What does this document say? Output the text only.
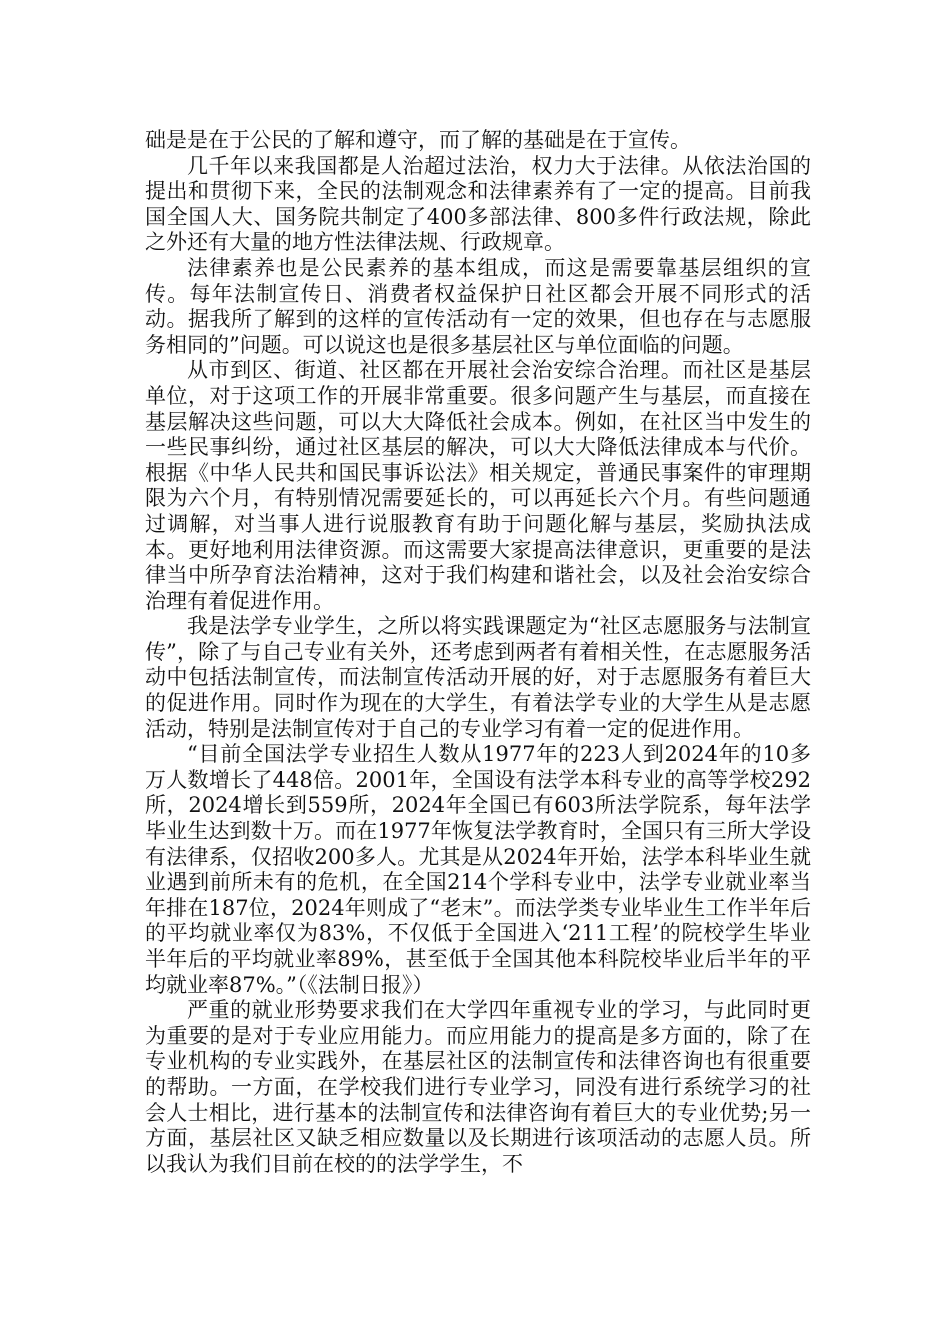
础是是在于公民的了解和遵守，而了解的基础是在于宣传。

几千年以来我国都是人治超过法治，权力大于法律。从依法治国的提出和贯彻下来，全民的法制观念和法律素养有了一定的提高。目前我国全国人大、国务院共制定了400多部法律、800多件行政法规，除此之外还有大量的地方性法律法规、行政规章。

法律素养也是公民素养的基本组成，而这是需要靠基层组织的宣传。每年法制宣传日、消费者权益保护日社区都会开展不同形式的活动。据我所了解到的这样的宣传活动有一定的效果，但也存在与志愿服务相同的”问题。可以说这也是很多基层社区与单位面临的问题。

从市到区、街道、社区都在开展社会治安综合治理。而社区是基层单位，对于这项工作的开展非常重要。很多问题产生与基层，而直接在基层解决这些问题，可以大大降低社会成本。例如，在社区当中发生的一些民事纠纷，通过社区基层的解决，可以大大降低法律成本与代价。根据《中华人民共和国民事诉讼法》相关规定，普通民事案件的审理期限为六个月，有特别情况需要延长的，可以再延长六个月。有些问题通过调解，对当事人进行说服教育有助于问题化解与基层，奖励执法成本。更好地利用法律资源。而这需要大家提高法律意识，更重要的是法律当中所孕育法治精神，这对于我们构建和谐社会，以及社会治安综合治理有着促进作用。

我是法学专业学生，之所以将实践课题定为“社区志愿服务与法制宣传”，除了与自己专业有关外，还考虑到两者有着相关性，在志愿服务活动中包括法制宣传，而法制宣传活动开展的好，对于志愿服务有着巨大的促进作用。同时作为现在的大学生，有着法学专业的大学生从是志愿活动，特别是法制宣传对于自己的专业学习有着一定的促进作用。

“目前全国法学专业招生人数从1977年的223人到2024年的10多万人数增长了448倍。2001年，全国设有法学本科专业的高等学校292所，2024增长到559所，2024年全国已有603所法学院系，每年法学毕业生达到数十万。而在1977年恢复法学教育时，全国只有三所大学设有法律系，仅招收200多人。尤其是从2024年开始，法学本科毕业生就业遇到前所未有的危机，在全国214个学科专业中，法学专业就业率当年排在187位，2024年则成了“老末”。而法学类专业毕业生工作半年后的平均就业率仅为83%，不仅低于全国进入‘211工程’的院校学生毕业半年后的平均就业率89%，甚至低于全国其他本科院校毕业后半年的平均就业率87%。”（《法制日报》）

严重的就业形势要求我们在大学四年重视专业的学习，与此同时更为重要的是对于专业应用能力。而应用能力的提高是多方面的，除了在专业机构的专业实践外，在基层社区的法制宣传和法律咨询也有很重要的帮助。一方面，在学校我们进行专业学习，同没有进行系统学习的社会人士相比，进行基本的法制宣传和法律咨询有着巨大的专业优势;另一方面，基层社区又缺乏相应数量以及长期进行该项活动的志愿人员。所以我认为我们目前在校的的法学学生，不
